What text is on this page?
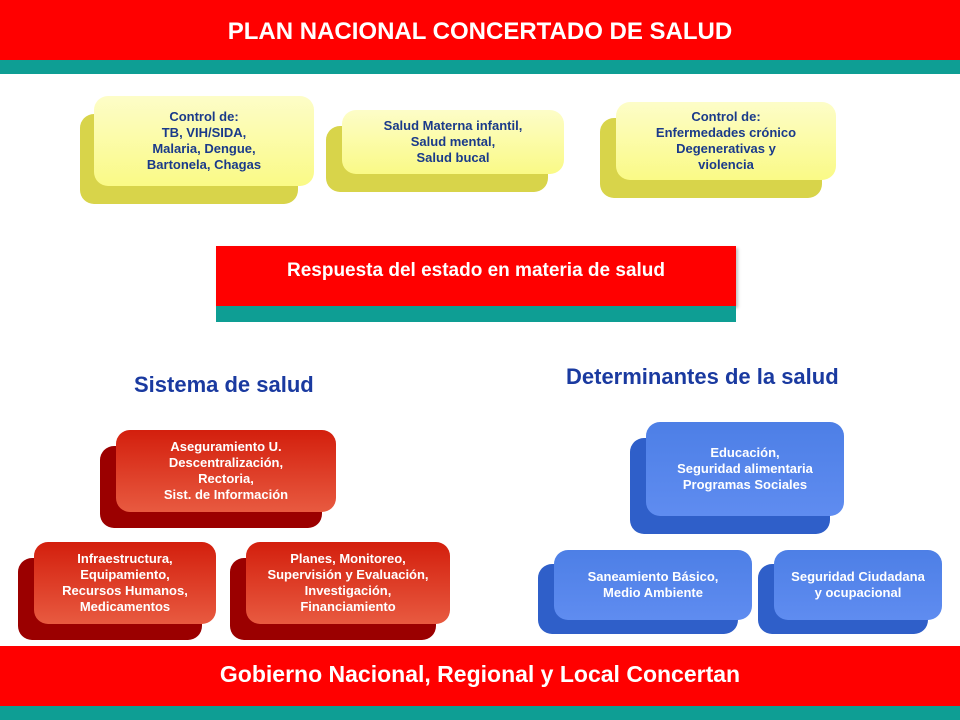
PLAN NACIONAL CONCERTADO DE SALUD
Control de:
TB, VIH/SIDA,
Malaria, Dengue,
Bartonela, Chagas
Salud Materna infantil,
Salud mental,
Salud bucal
Control de:
Enfermedades crónico
Degenerativas y
violencia
Respuesta del estado en materia de salud
Sistema de salud	Determinantes de la salud
Aseguramiento U.
Descentralización,
Rectoria,
Sist. de Información
Infraestructura,
Equipamiento,
Recursos Humanos,
Medicamentos
Planes, Monitoreo,
Supervisión y Evaluación,
Investigación,
Financiamiento
Educación,
Seguridad alimentaria
Programas Sociales
Saneamiento Básico,
Medio Ambiente
Seguridad Ciudadana
y ocupacional
Gobierno Nacional, Regional y Local Concertan
